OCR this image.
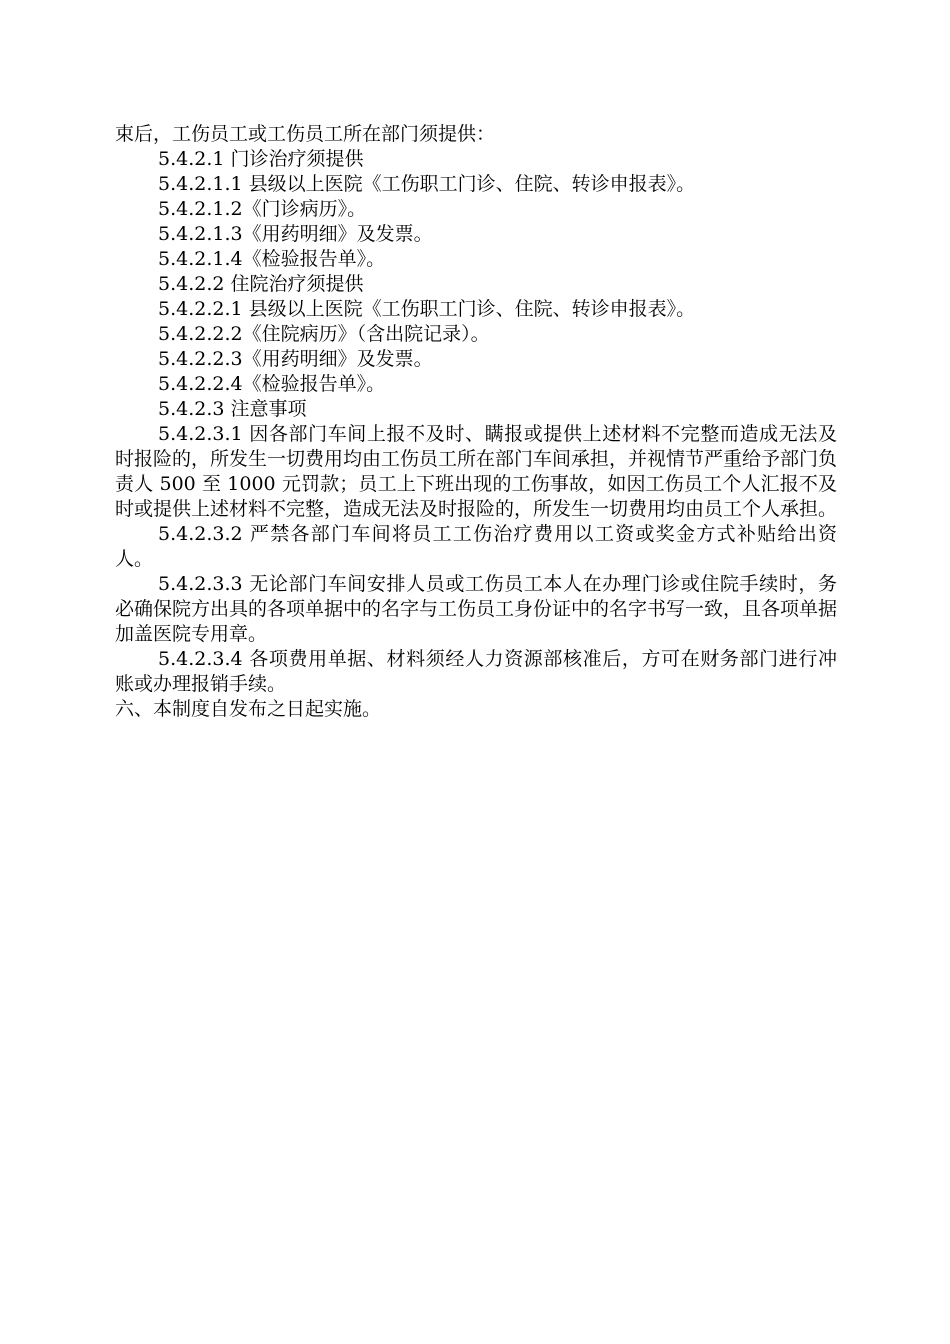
束后，工伤员工或工伤员工所在部门须提供：

5.4.2.1 门诊治疗须提供

5.4.2.1.1 县级以上医院《工伤职工门诊、住院、转诊申报表》。

5.4.2.1.2《门诊病历》。

5.4.2.1.3《用药明细》及发票。

5.4.2.1.4《检验报告单》。

5.4.2.2 住院治疗须提供

5.4.2.2.1 县级以上医院《工伤职工门诊、住院、转诊申报表》。

5.4.2.2.2《住院病历》（含出院记录）。

5.4.2.2.3《用药明细》及发票。

5.4.2.2.4《检验报告单》。

5.4.2.3 注意事项

5.4.2.3.1 因各部门车间上报不及时、瞒报或提供上述材料不完整而造成无法及时报险的，所发生一切费用均由工伤员工所在部门车间承担，并视情节严重给予部门负责人 500 至 1000 元罚款；员工上下班出现的工伤事故，如因工伤员工个人汇报不及时或提供上述材料不完整，造成无法及时报险的，所发生一切费用均由员工个人承担。

5.4.2.3.2 严禁各部门车间将员工工伤治疗费用以工资或奖金方式补贴给出资人。

5.4.2.3.3 无论部门车间安排人员或工伤员工本人在办理门诊或住院手续时，务必确保院方出具的各项单据中的名字与工伤员工身份证中的名字书写一致，且各项单据加盖医院专用章。

5.4.2.3.4 各项费用单据、材料须经人力资源部核准后，方可在财务部门进行冲账或办理报销手续。

六、本制度自发布之日起实施。
